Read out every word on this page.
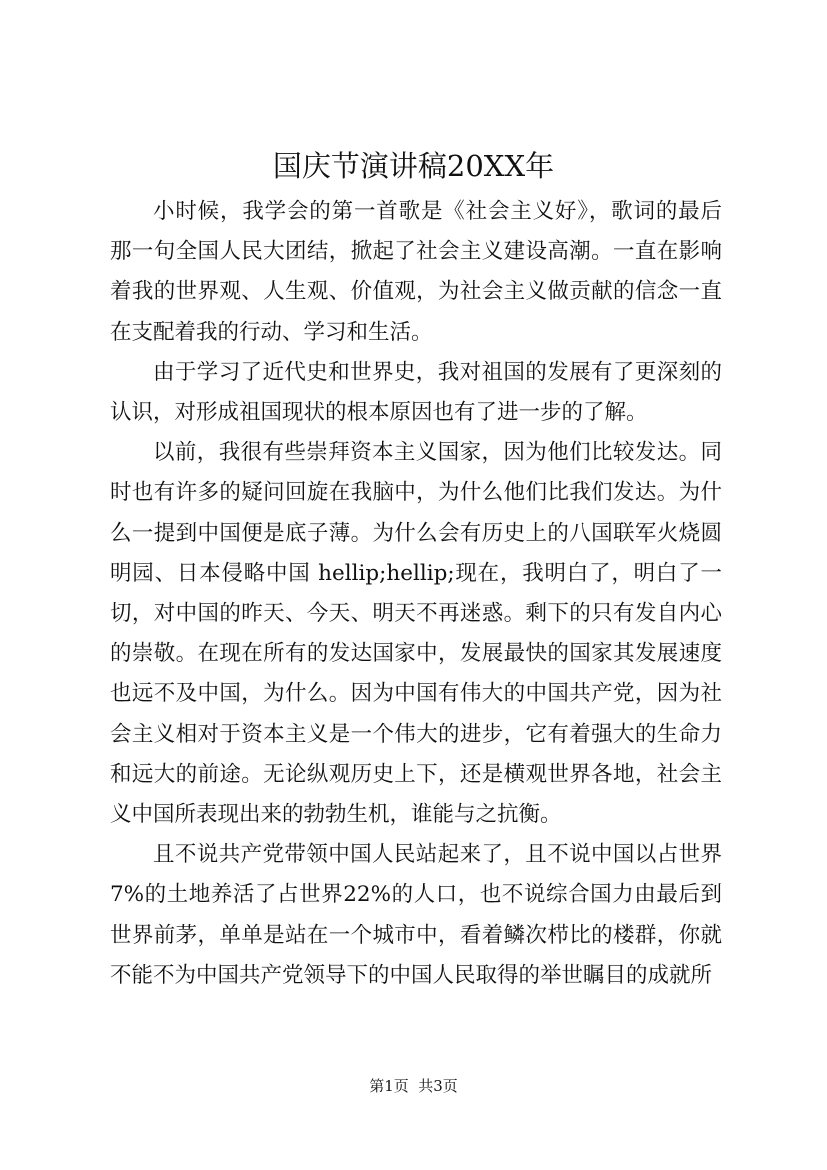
国庆节演讲稿20XX年

小时候，我学会的第一首歌是《社会主义好》，歌词的最后那一句全国人民大团结，掀起了社会主义建设高潮。一直在影响着我的世界观、人生观、价值观，为社会主义做贡献的信念一直在支配着我的行动、学习和生活。

由于学习了近代史和世界史，我对祖国的发展有了更深刻的认识，对形成祖国现状的根本原因也有了进一步的了解。

以前，我很有些崇拜资本主义国家，因为他们比较发达。同时也有许多的疑问回旋在我脑中，为什么他们比我们发达。为什么一提到中国便是底子薄。为什么会有历史上的八国联军火烧圆明园、日本侵略中国 hellip;hellip;现在，我明白了，明白了一切，对中国的昨天、今天、明天不再迷惑。剩下的只有发自内心的崇敬。在现在所有的发达国家中，发展最快的国家其发展速度也远不及中国，为什么。因为中国有伟大的中国共产党，因为社会主义相对于资本主义是一个伟大的进步，它有着强大的生命力和远大的前途。无论纵观历史上下，还是横观世界各地，社会主义中国所表现出来的勃勃生机，谁能与之抗衡。

且不说共产党带领中国人民站起来了，且不说中国以占世界7%的土地养活了占世界22%的人口，也不说综合国力由最后到世界前茅，单单是站在一个城市中，看着鳞次栉比的楼群，你就不能不为中国共产党领导下的中国人民取得的举世瞩目的成就所

第1页  共3页
